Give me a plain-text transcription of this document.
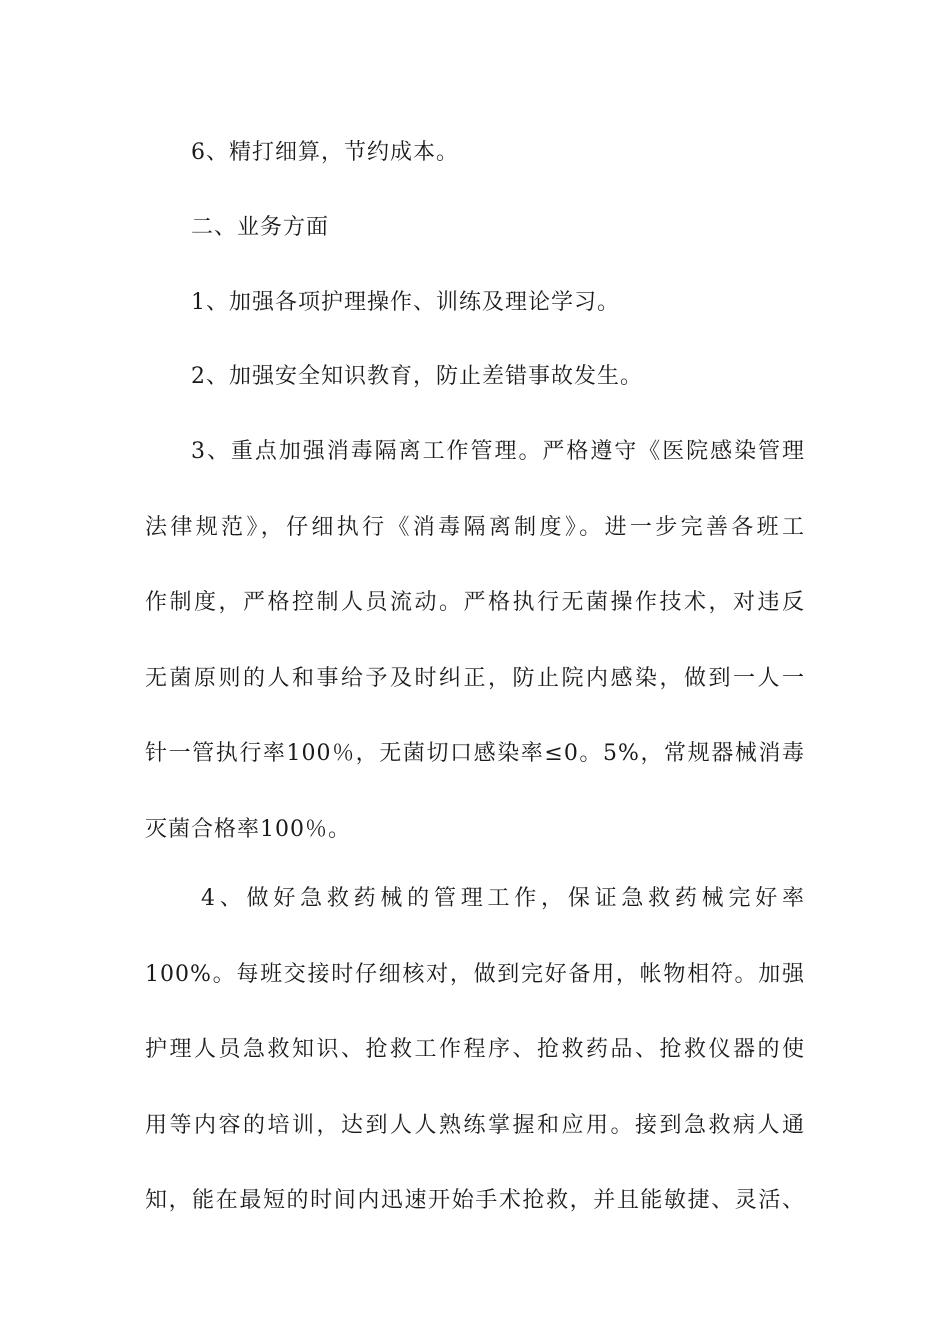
6、精打细算，节约成本。
二、业务方面
1、加强各项护理操作、训练及理论学习。
2、加强安全知识教育，防止差错事故发生。
3、重点加强消毒隔离工作管理。严格遵守《医院感染管理
法律规范》，仔细执行《消毒隔离制度》。进一步完善各班工
作制度，严格控制人员流动。严格执行无菌操作技术，对违反
无菌原则的人和事给予及时纠正，防止院内感染，做到一人一
针一管执行率100％，无菌切口感染率≤0。5%，常规器械消毒
灭菌合格率100％。
4、做好急救药械的管理工作，保证急救药械完好率
100%。每班交接时仔细核对，做到完好备用，帐物相符。加强
护理人员急救知识、抢救工作程序、抢救药品、抢救仪器的使
用等内容的培训，达到人人熟练掌握和应用。接到急救病人通
知，能在最短的时间内迅速开始手术抢救，并且能敏捷、灵活、
